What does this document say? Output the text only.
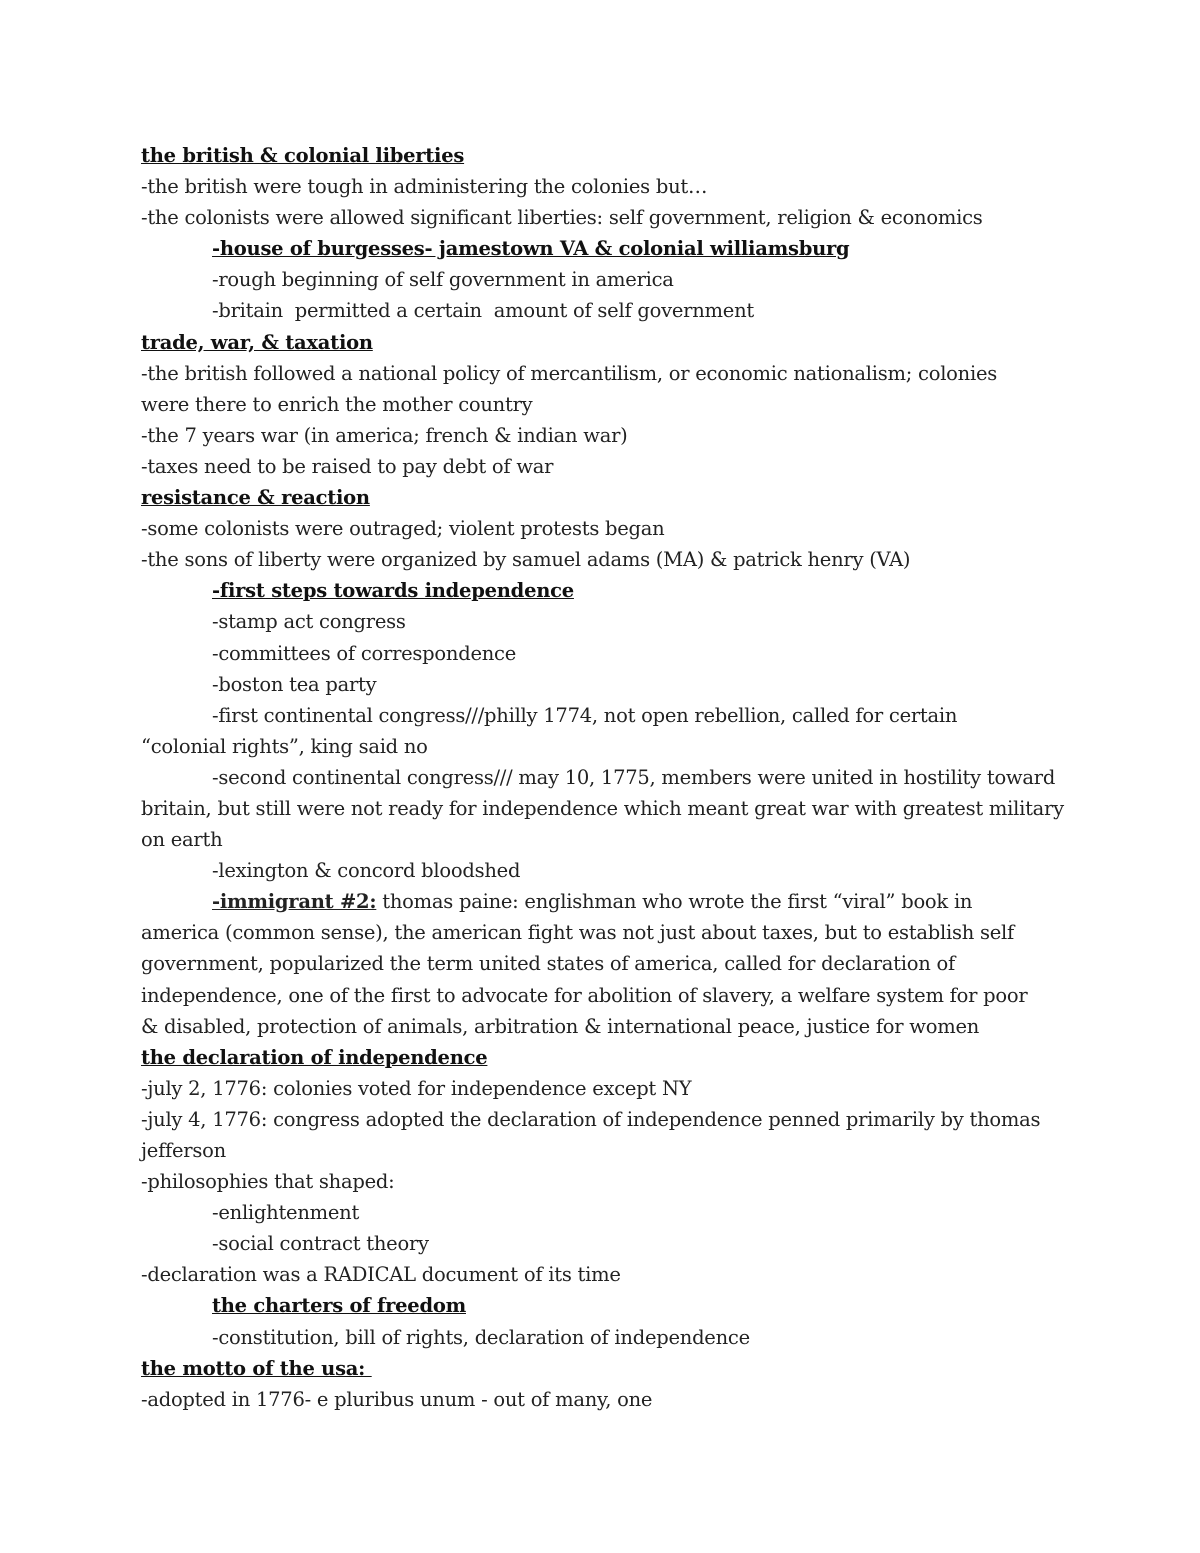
the british & colonial liberties
-the british were tough in administering the colonies but…
-the colonists were allowed significant liberties: self government, religion & economics
-house of burgesses- jamestown VA & colonial williamsburg
-rough beginning of self government in america
-britain  permitted a certain  amount of self government
trade, war, & taxation
-the british followed a national policy of mercantilism, or economic nationalism; colonies were there to enrich the mother country
-the 7 years war (in america; french & indian war)
-taxes need to be raised to pay debt of war
resistance & reaction
-some colonists were outraged; violent protests began
-the sons of liberty were organized by samuel adams (MA) & patrick henry (VA)
-first steps towards independence
-stamp act congress
-committees of correspondence
-boston tea party
-first continental congress///philly 1774, not open rebellion, called for certain “colonial rights”, king said no
-second continental congress/// may 10, 1775, members were united in hostility toward britain, but still were not ready for independence which meant great war with greatest military on earth
-lexington & concord bloodshed
-immigrant #2: thomas paine: englishman who wrote the first “viral” book in america (common sense), the american fight was not just about taxes, but to establish self government, popularized the term united states of america, called for declaration of independence, one of the first to advocate for abolition of slavery, a welfare system for poor & disabled, protection of animals, arbitration & international peace, justice for women
the declaration of independence
-july 2, 1776: colonies voted for independence except NY
-july 4, 1776: congress adopted the declaration of independence penned primarily by thomas jefferson
-philosophies that shaped:
-enlightenment
-social contract theory
-declaration was a RADICAL document of its time
the charters of freedom
-constitution, bill of rights, declaration of independence
the motto of the usa:
-adopted in 1776- e pluribus unum - out of many, one
